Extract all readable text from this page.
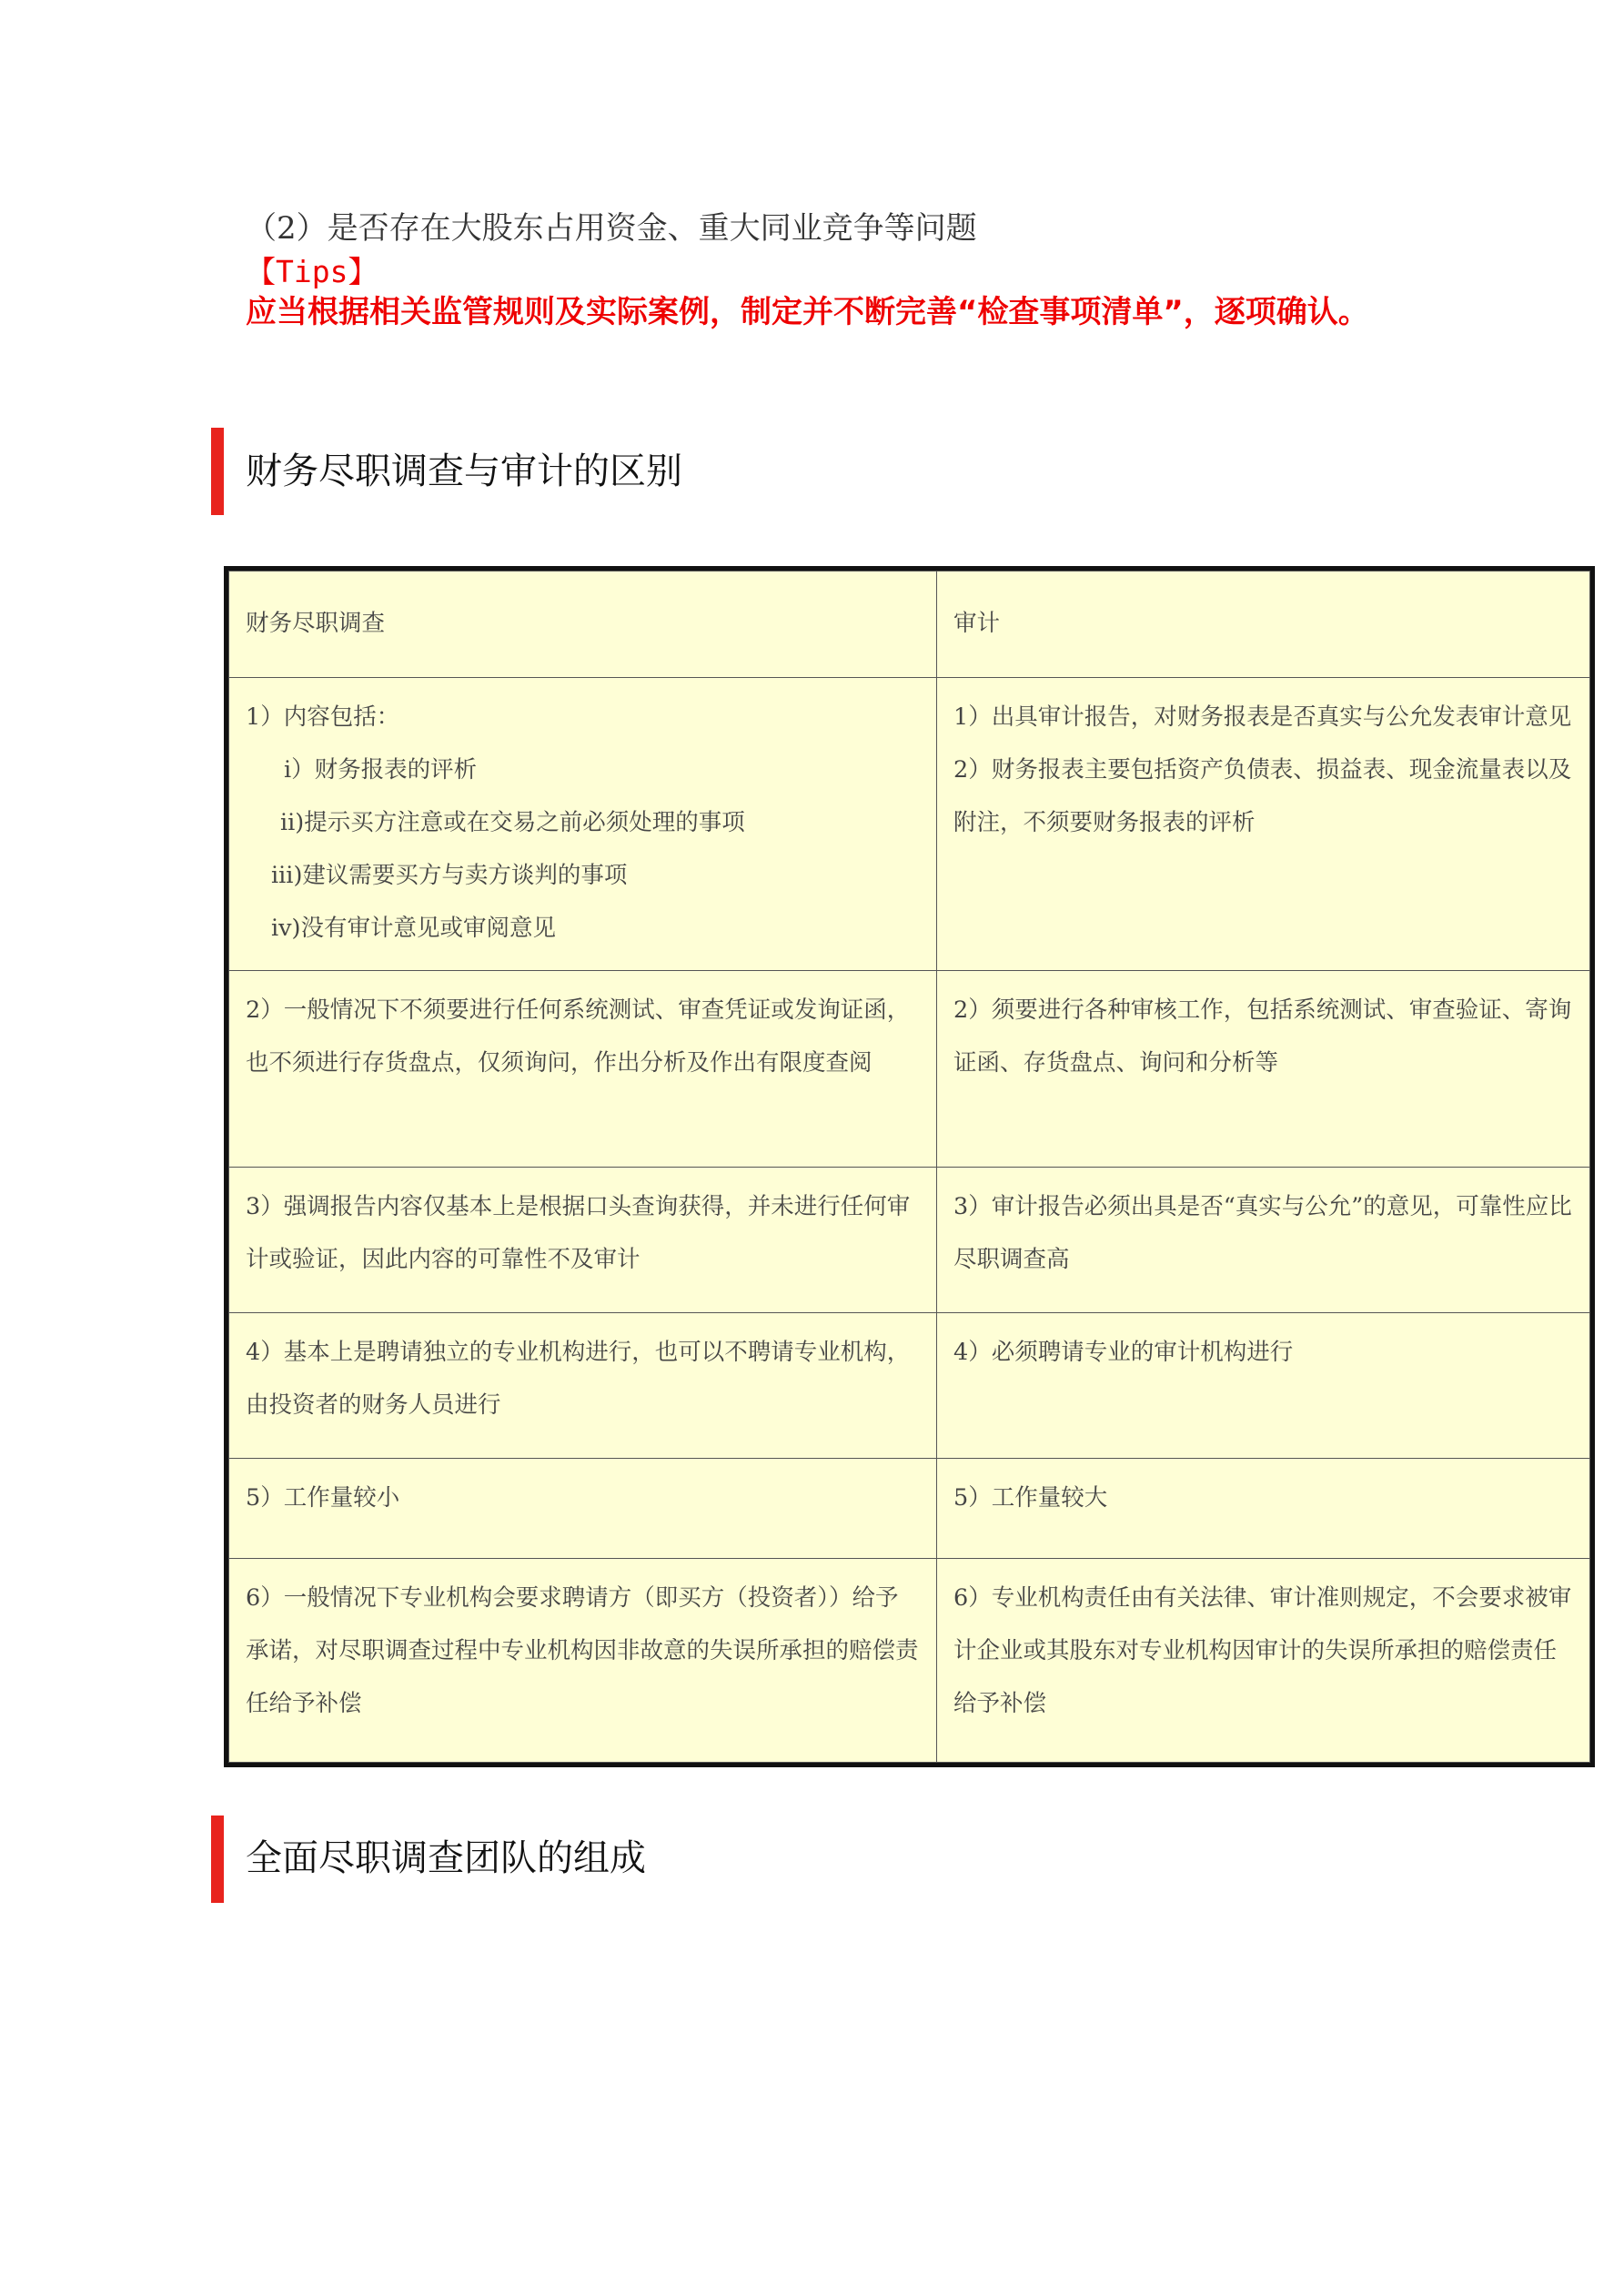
（2）是否存在大股东占用资金、重大同业竞争等问题
【Tips】
应当根据相关监管规则及实际案例，制定并不断完善“检查事项清单”，逐项确认。
财务尽职调查与审计的区别
财务尽职调查	审计

1）内容包括：
i）财务报表的评析
ii)提示买方注意或在交易之前必须处理的事项
iii)建议需要买方与卖方谈判的事项
iv)没有审计意见或审阅意见	1）出具审计报告，对财务报表是否真实与公允发表审计意见 2）财务报表主要包括资产负债表、损益表、现金流量表以及附注，不须要财务报表的评析
2）一般情况下不须要进行任何系统测试、审查凭证或发询证函，也不须进行存货盘点，仅须询问，作出分析及作出有限度查阅	2）须要进行各种审核工作，包括系统测试、审查验证、寄询证函、存货盘点、询问和分析等
3）强调报告内容仅基本上是根据口头查询获得，并未进行任何审计或验证，因此内容的可靠性不及审计	3）审计报告必须出具是否“真实与公允”的意见，可靠性应比尽职调查高
4）基本上是聘请独立的专业机构进行，也可以不聘请专业机构，由投资者的财务人员进行	4）必须聘请专业的审计机构进行
5）工作量较小	5）工作量较大
6）一般情况下专业机构会要求聘请方（即买方（投资者））给予承诺，对尽职调查过程中专业机构因非故意的失误所承担的赔偿责任给予补偿	6）专业机构责任由有关法律、审计准则规定，不会要求被审计企业或其股东对专业机构因审计的失误所承担的赔偿责任给予补偿
全面尽职调查团队的组成
